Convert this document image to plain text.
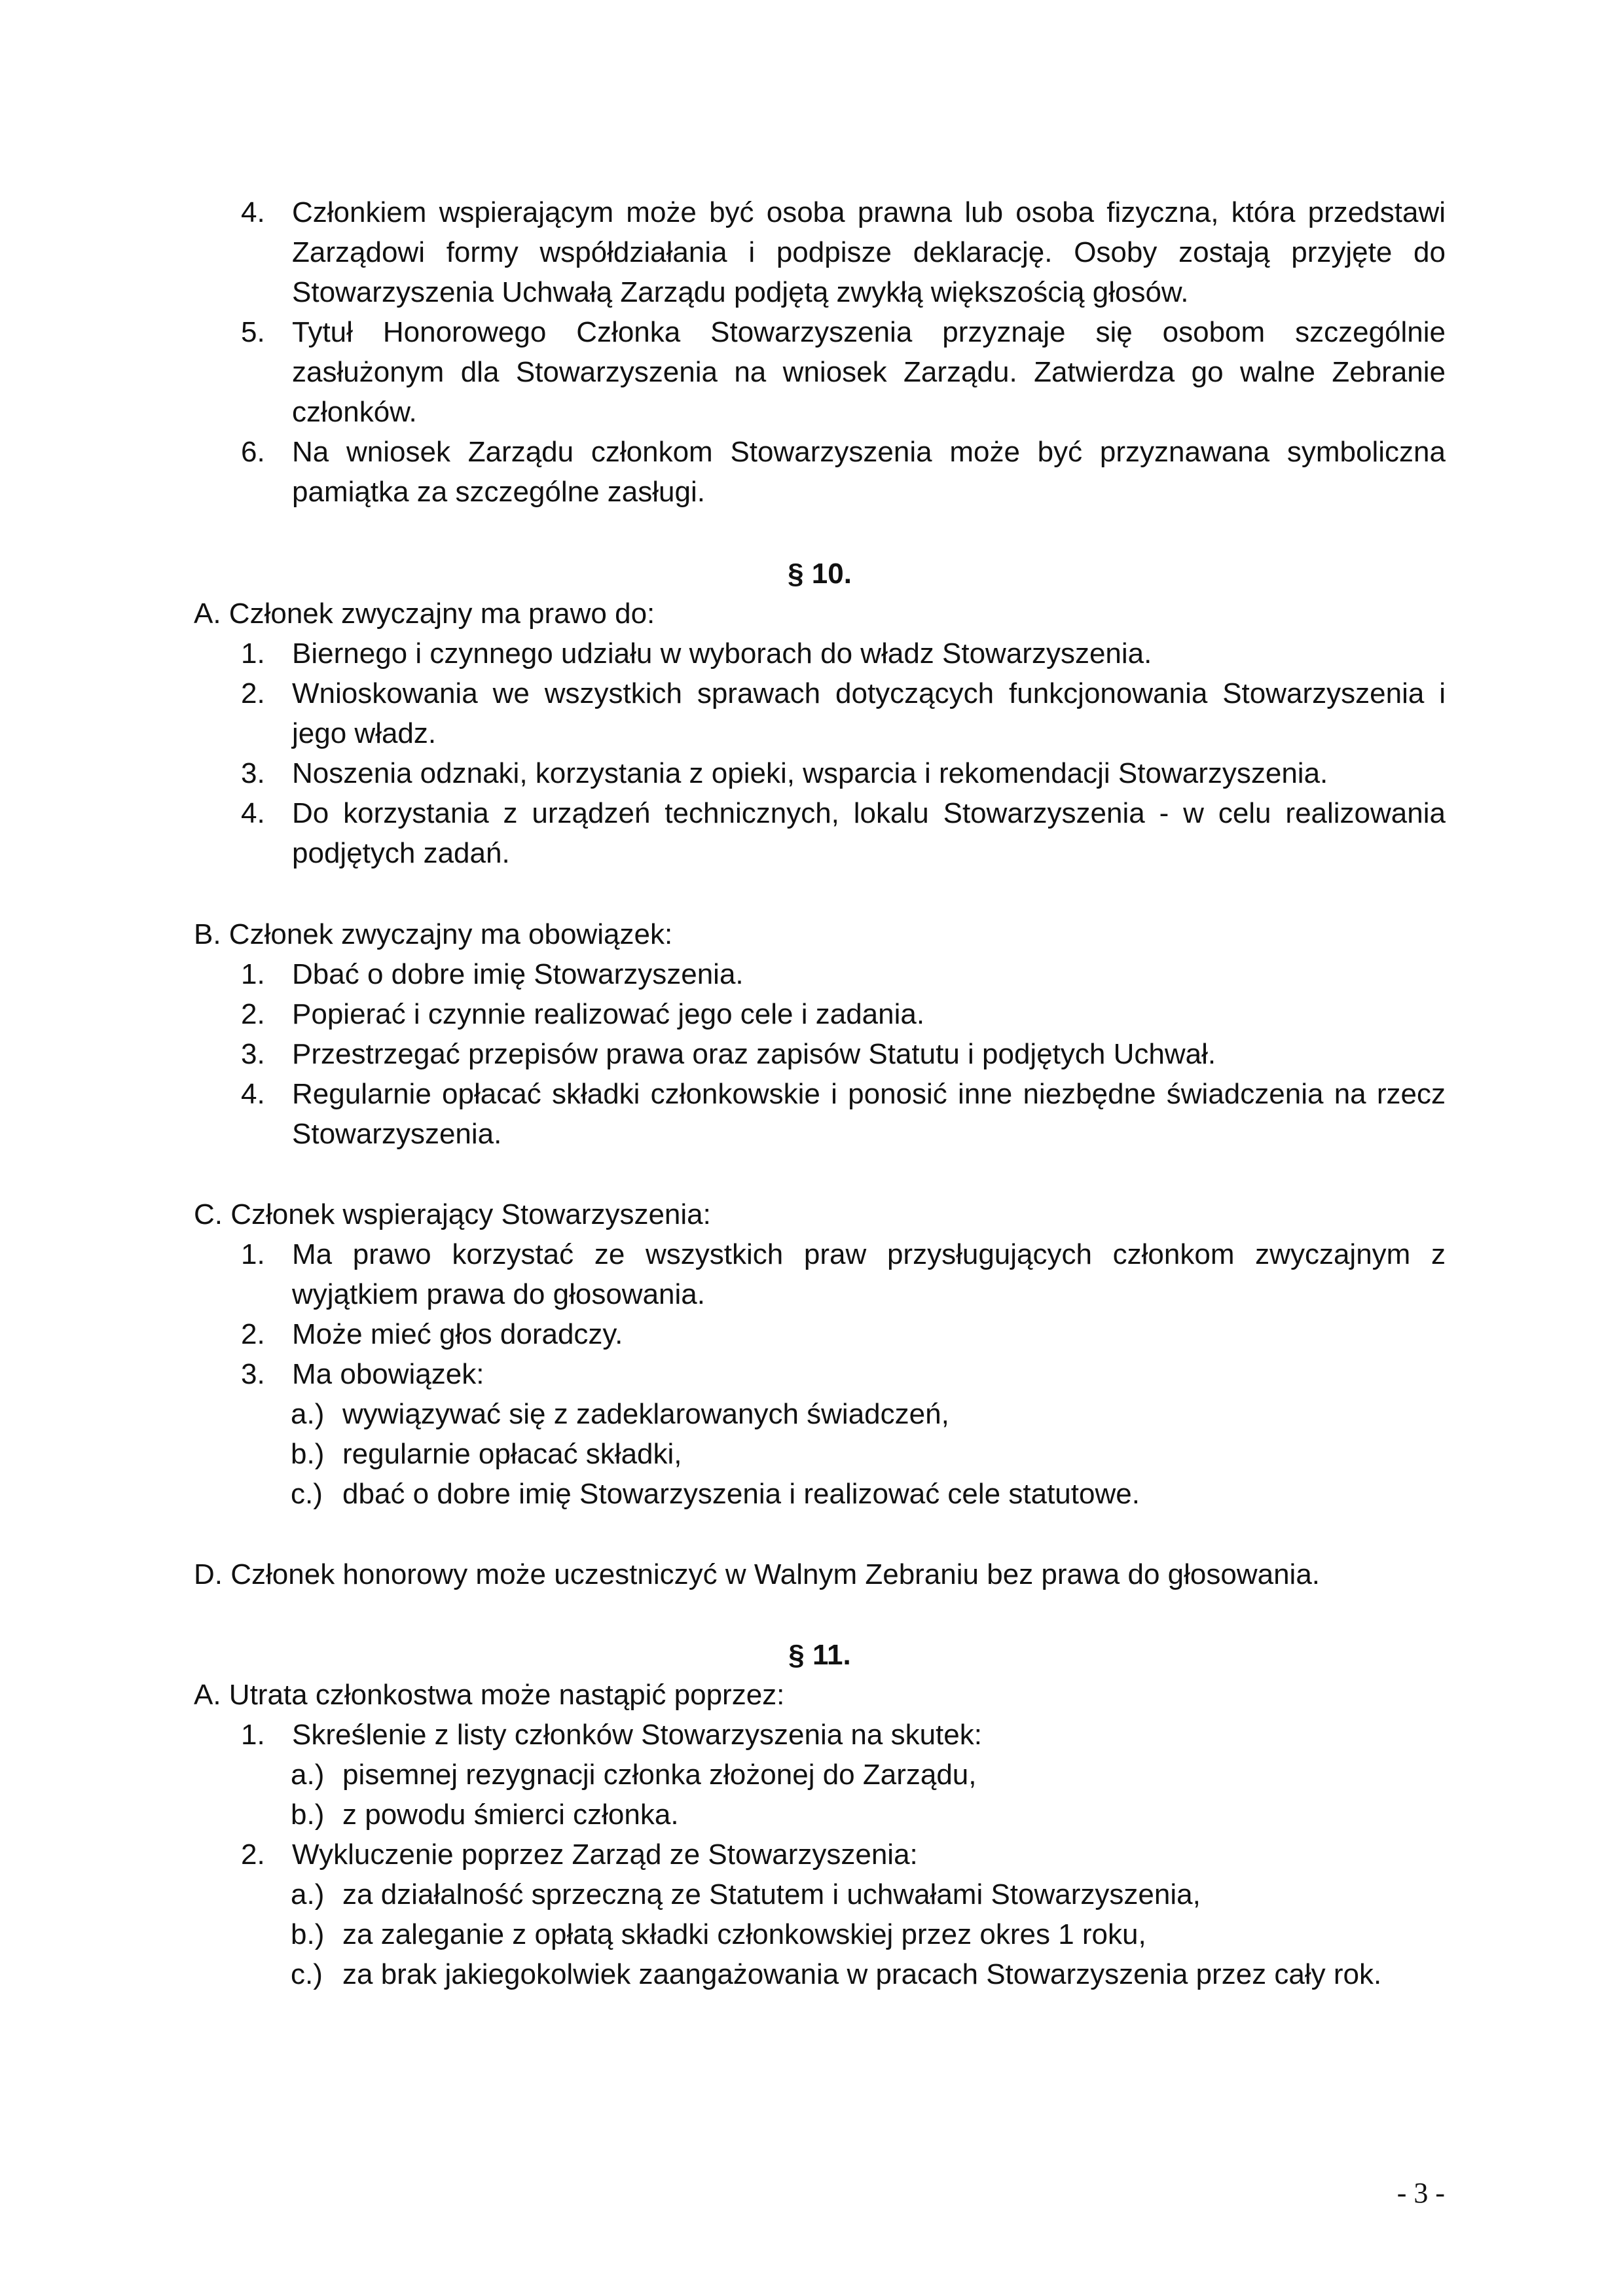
4. Członkiem wspierającym może być osoba prawna lub osoba fizyczna, która przedstawi Zarządowi formy współdziałania i podpisze deklarację. Osoby zostają przyjęte do Stowarzyszenia Uchwałą Zarządu podjętą zwykłą większością głosów.
5. Tytuł Honorowego Członka Stowarzyszenia przyznaje się osobom szczególnie zasłużonym dla Stowarzyszenia na wniosek Zarządu. Zatwierdza go walne Zebranie członków.
6. Na wniosek Zarządu członkom Stowarzyszenia może być przyznawana symboliczna pamiątka za szczególne zasługi.
§ 10.
A. Członek zwyczajny ma prawo do:
1. Biernego i czynnego udziału w wyborach do władz Stowarzyszenia.
2. Wnioskowania we wszystkich sprawach dotyczących funkcjonowania Stowarzyszenia i jego władz.
3. Noszenia odznaki, korzystania z opieki, wsparcia i rekomendacji Stowarzyszenia.
4. Do korzystania z urządzeń technicznych, lokalu Stowarzyszenia - w celu realizowania podjętych zadań.
B. Członek zwyczajny ma obowiązek:
1. Dbać o dobre imię Stowarzyszenia.
2. Popierać i czynnie realizować jego cele i zadania.
3. Przestrzegać przepisów prawa oraz zapisów Statutu i podjętych Uchwał.
4. Regularnie opłacać składki członkowskie i ponosić inne niezbędne świadczenia na rzecz Stowarzyszenia.
C. Członek wspierający Stowarzyszenia:
1. Ma prawo korzystać ze wszystkich praw przysługujących członkom zwyczajnym z wyjątkiem prawa do głosowania.
2. Może mieć głos doradczy.
3. Ma obowiązek:
a.) wywiązywać się z zadeklarowanych świadczeń,
b.) regularnie opłacać składki,
c.) dbać o dobre imię Stowarzyszenia i realizować cele statutowe.
D. Członek honorowy może uczestniczyć w Walnym Zebraniu bez prawa do głosowania.
§ 11.
A. Utrata członkostwa może nastąpić poprzez:
1. Skreślenie z listy członków Stowarzyszenia na skutek:
a.) pisemnej rezygnacji członka złożonej do Zarządu,
b.) z powodu śmierci członka.
2. Wykluczenie poprzez Zarząd ze Stowarzyszenia:
a.) za działalność sprzeczną ze Statutem i uchwałami Stowarzyszenia,
b.) za zaleganie z opłatą składki członkowskiej przez okres 1 roku,
c.) za brak jakiegokolwiek zaangażowania w pracach Stowarzyszenia przez cały rok.
- 3 -
